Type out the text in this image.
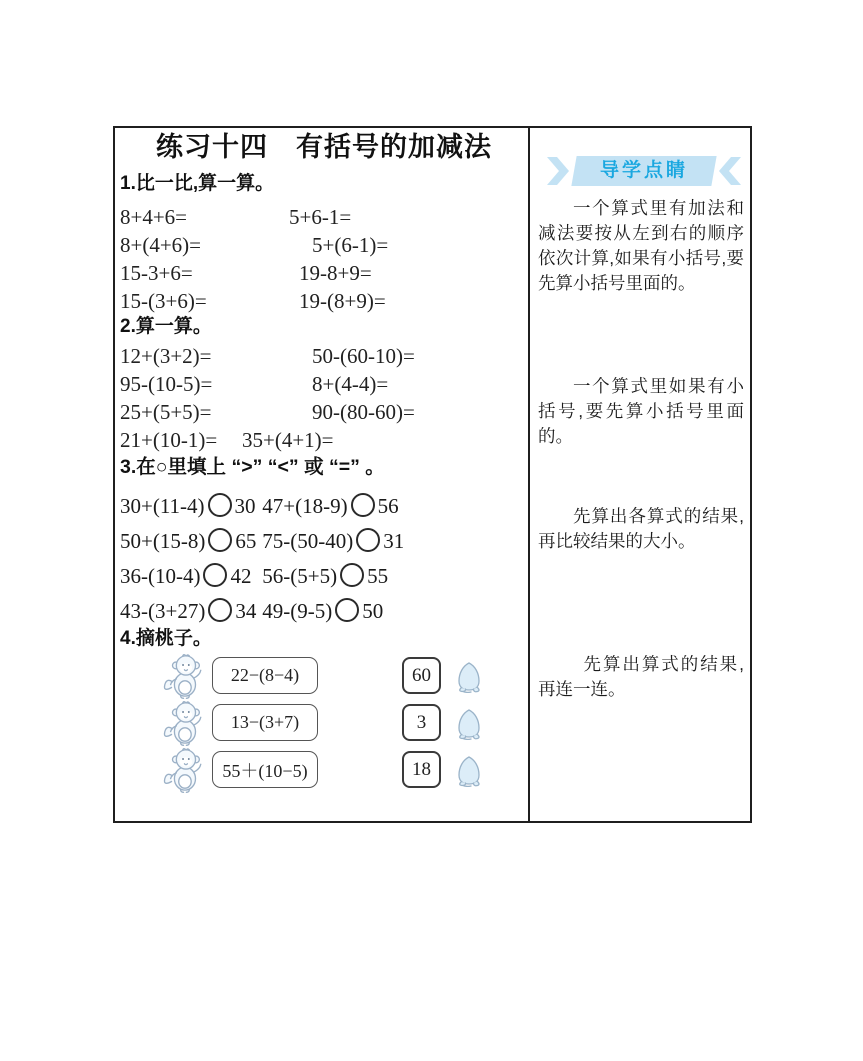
练习十四　有括号的加减法
1.比一比,算一算。
8+4+6=	5+6-1=
8+(4+6)=	5+(6-1)=
15-3+6=	19-8+9=
15-(3+6)=	19-(8+9)=
2.算一算。
12+(3+2)=	50-(60-10)=
95-(10-5)=	8+(4-4)=
25+(5+5)=	90-(80-60)=
21+(10-1)= 35+(4+1)=
3.在○里填上 “>” “<” 或 “=” 。
30+(11-4) 30 47+(18-9) 56
50+(15-8) 65 75-(50-40) 31
36-(10-4) 42 56-(5+5) 55
43-(3+27) 34 49-(9-5) 50
4.摘桃子。
22−(8−4)	60
13−(3+7)	3
55＋(10−5)	18
导学点睛

一个算式里有加法和减法要按从左到右的顺序依次计算,如果有小括号,要先算小括号里面的。

一个算式里如果有小括号,要先算小括号里面的。

先算出各算式的结果,再比较结果的大小。

先算出算式的结果,再连一连。
